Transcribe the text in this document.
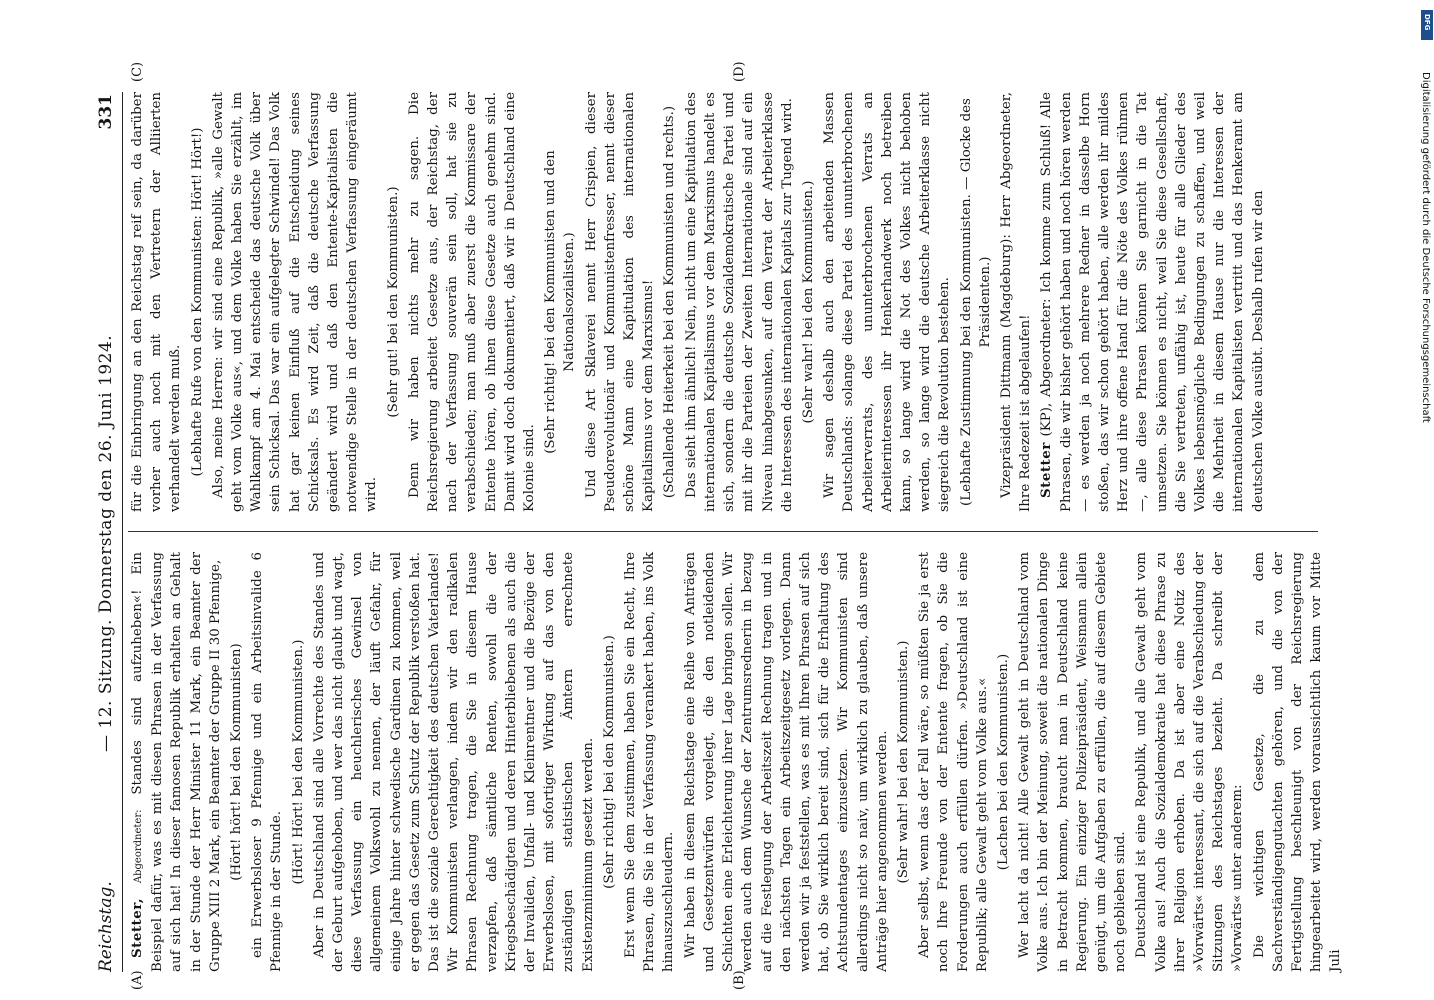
Reichstag.
— 12. Sitzung. Donnerstag den 26. Juni 1924.
331
(A)	(B)
(C)	(D)

Stetter, Abgeordneter: Standes sind aufzuheben«! Ein Beispiel dafür, was es mit diesen Phrasen in der Verfassung auf sich hat! In dieser famosen Republik erhalten an Gehalt in der Stunde der Herr Minister 11 Mark, ein Beamter der Gruppe XIII 2 Mark, ein Beamter der Gruppe II 30 Pfennige, (Hört! hört! bei den Kommunisten) ein Erwerbsloser 9 Pfennige und ein Arbeitsinvalide 6 Pfennige in der Stunde.

(Hört! Hört! bei den Kommunisten.) Aber in Deutschland sind alle Vorrechte des Standes und der Geburt aufgehoben, und wer das nicht glaubt und wagt, diese Verfassung ein heuchlerisches Gewinsel von allgemeinem Volkswohl zu nennen, der läuft Gefahr, für einige Jahre hinter schwedische Gardinen zu kommen, weil er gegen das Gesetz zum Schutz der Republik verstoßen hat. Das ist die soziale Gerechtigkeit des deutschen Vaterlandes! Wir Kommunisten verlangen, indem wir den radikalen Phrasen Rechnung tragen, die Sie in diesem Hause verzapfen, daß sämtliche Renten, sowohl die der Kriegsbeschädigten und deren Hinterbliebenen als auch die der Invaliden, Unfall- und Kleinrentner und die Bezüge der Erwerbslosen, mit sofortiger Wirkung auf das von den zuständigen statistischen Ämtern errechnete Existenzminimum gesetzt werden. (Sehr richtig! bei den Kommunisten.) Erst wenn Sie dem zustimmen, haben Sie ein Recht, Ihre Phrasen, die Sie in der Verfassung verankert haben, ins Volk hinauszuschleudern. Wir haben in diesem Reichstage eine Reihe von Anträgen und Gesetzentwürfen vorgelegt, die den notleidenden Schichten eine Erleichterung ihrer Lage bringen sollen. Wir werden auch dem Wunsche der Zentrumsrednerin in bezug auf die Festlegung der Arbeitszeit Rechnung tragen und in den nächsten Tagen ein Arbeitszeitgesetz vorlegen. Dann werden wir ja feststellen, was es mit Ihren Phrasen auf sich hat, ob Sie wirklich bereit sind, sich für die Erhaltung des Achtstundentages einzusetzen. Wir Kommunisten sind allerdings nicht so naiv, um wirklich zu glauben, daß unsere Anträge hier angenommen werden. (Sehr wahr! bei den Kommunisten.) Aber selbst, wenn das der Fall wäre, so müßten Sie ja erst noch Ihre Freunde von der Entente fragen, ob Sie die Forderungen auch erfüllen dürfen. »Deutschland ist eine Republik; alle Gewalt geht vom Volke aus.« (Lachen bei den Kommunisten.) Wer lacht da nicht! Alle Gewalt geht in Deutschland vom Volke aus. Ich bin der Meinung, soweit die nationalen Dinge in Betracht kommen, braucht man in Deutschland keine Regierung. Ein einziger Polizeipräsident, Weismann allein genügt, um die Aufgaben zu erfüllen, die auf diesem Gebiete noch geblieben sind. Deutschland ist eine Republik, und alle Gewalt geht vom Volke aus! Auch die Sozialdemokratie hat diese Phrase zu ihrer Religion erhoben. Da ist aber eine Notiz des »Vorwärts« interessant, die sich auf die Verabschiedung der Sitzungen des Reichstages bezieht. Da schreibt der »Vorwärts« unter anderem: Die wichtigen Gesetze, die zu dem Sachverständigengutachten gehören, und die von der Fertigstellung beschleunigt von der Reichsregierung hingearbeitet wird, werden voraussichtlich kaum vor Mitte Juli

für die Einbringung an den Reichstag reif sein, da darüber vorher auch noch mit den Vertretern der Alliierten verhandelt werden muß. (Lebhafte Rufe von den Kommunisten: Hört! Hört!) Also, meine Herren: wir sind eine Republik, »alle Gewalt geht vom Volke aus«, und dem Volke haben Sie erzählt, im Wahlkampf am 4. Mai entscheide das deutsche Volk über sein Schicksal. Das war ein aufgelegter Schwindel! Das Volk hat gar keinen Einfluß auf die Entscheidung seines Schicksals. Es wird Zeit, daß die deutsche Verfassung geändert wird und daß den Entente-Kapitalisten die notwendige Stelle in der deutschen Verfassung eingeräumt wird.

(Sehr gut! bei den Kommunisten.) Denn wir haben nichts mehr zu sagen. Die Reichsregierung arbeitet Gesetze aus, der Reichstag, der nach der Verfassung souverän sein soll, hat sie zu verabschieden; man muß aber zuerst die Kommissare der Entente hören, ob ihnen diese Gesetze auch genehm sind. Damit wird doch dokumentiert, daß wir in Deutschland eine Kolonie sind.

(Sehr richtig! bei den Kommunisten und den Nationalsozialisten.) Und diese Art Sklaverei nennt Herr Crispien, dieser Pseudorevolutionär und Kommunistenfresser, nennt dieser schöne Mann eine Kapitulation des internationalen Kapitalismus vor dem Marxismus! (Schallende Heiterkeit bei den Kommunisten und rechts.) Das sieht ihm ähnlich! Nein, nicht um eine Kapitulation des internationalen Kapitalismus vor dem Marxismus handelt es sich, sondern die deutsche Sozialdemokratische Partei und mit ihr die Parteien der Zweiten Internationale sind auf ein Niveau hinabgesunken, auf dem Verrat der Arbeiterklasse die Interessen des internationalen Kapitals zur Tugend wird. (Sehr wahr! bei den Kommunisten.) Wir sagen deshalb auch den arbeitenden Massen Deutschlands: solange diese Partei des ununterbrochenen Arbeiterverrats, des ununterbrochenen Verrats an Arbeiterinteressen ihr Henkerhandwerk noch betreiben kann, so lange wird die Not des Volkes nicht behoben werden, so lange wird die deutsche Arbeiterklasse nicht siegreich die Revolution bestehen. (Lebhafte Zustimmung bei den Kommunisten. — Glocke des Präsidenten.) Vizepräsident Dittmann (Magdeburg): Herr Abgeordneter, Ihre Redezeit ist abgelaufen! Stetter (KP), Abgeordneter: Ich komme zum Schluß! Alle Phrasen, die wir bisher gehört haben und noch hören werden — es werden ja noch mehrere Redner in dasselbe Horn stoßen, das wir schon gehört haben, alle werden ihr mildes Herz und ihre offene Hand für die Nöte des Volkes rühmen —, alle diese Phrasen können Sie garnicht in die Tat umsetzen. Sie können es nicht, weil Sie diese Gesellschaft, die Sie vertreten, unfähig ist, heute für alle Glieder des Volkes lebensmögliche Bedingungen zu schaffen, und weil die Mehrheit in diesem Hause nur die Interessen der internationalen Kapitalisten vertritt und das Henkeramt am deutschen Volke ausübt. Deshalb rufen wir den

DFG
Digitalisierung gefördert durch die Deutsche Forschungsgemeinschaft
